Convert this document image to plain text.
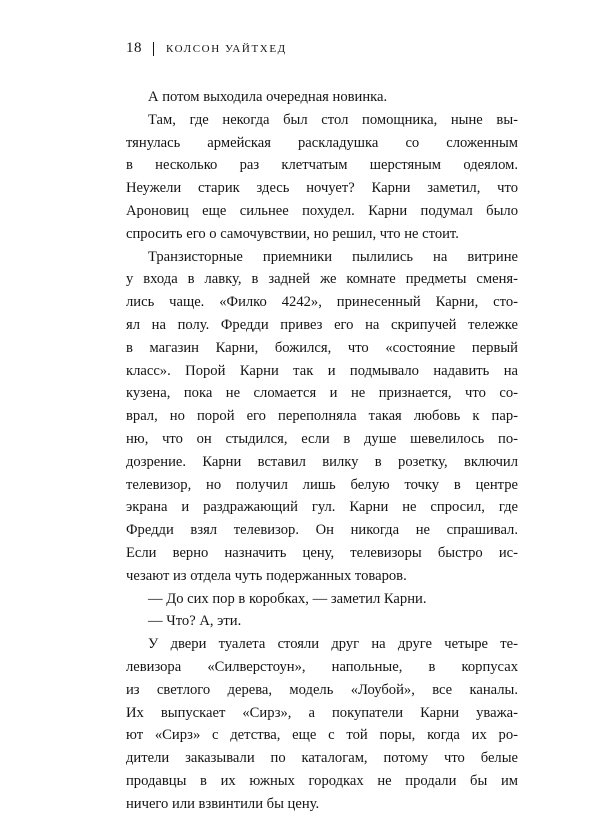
18 КОЛСОН УАЙТХЕД
А потом выходила очередная новинка.
Там, где некогда был стол помощника, ныне вы-
тянулась армейская раскладушка со сложенным
в несколько раз клетчатым шерстяным одеялом.
Неужели старик здесь ночует? Карни заметил, что
Ароновиц еще сильнее похудел. Карни подумал было
спросить его о самочувствии, но решил, что не стоит.
Транзисторные приемники пылились на витрине
у входа в лавку, в задней же комнате предметы сменя-
лись чаще. «Филко 4242», принесенный Карни, сто-
ял на полу. Фредди привез его на скрипучей тележке
в магазин Карни, божился, что «состояние первый
класс». Порой Карни так и подмывало надавить на
кузена, пока не сломается и не признается, что со-
врал, но порой его переполняла такая любовь к пар-
ню, что он стыдился, если в душе шевелилось по-
дозрение. Карни вставил вилку в розетку, включил
телевизор, но получил лишь белую точку в центре
экрана и раздражающий гул. Карни не спросил, где
Фредди взял телевизор. Он никогда не спрашивал.
Если верно назначить цену, телевизоры быстро ис-
чезают из отдела чуть подержанных товаров.
— До сих пор в коробках, — заметил Карни.
— Что? А, эти.
У двери туалета стояли друг на друге четыре те-
левизора «Силверстоун», напольные, в корпусах
из светлого дерева, модель «Лоубой», все каналы.
Их выпускает «Сирз», а покупатели Карни уважа-
ют «Сирз» с детства, еще с той поры, когда их ро-
дители заказывали по каталогам, потому что белые
продавцы в их южных городках не продали бы им
ничего или взвинтили бы цену.
